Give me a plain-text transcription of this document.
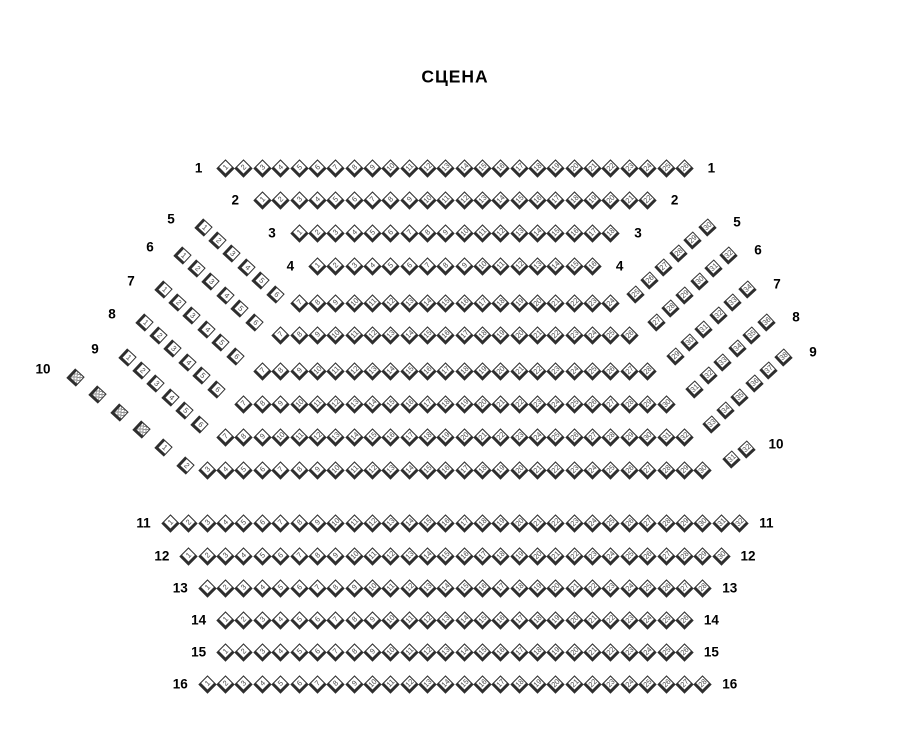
СЦЕНА
1 2 3 4 5 6 7 8 9 10 11 12 13 14 15 16 17 18 19 20 21 22 23 24 25 26
1	1
1 2 3 4 5 6 7 8 9 10 11 12 13 14 15 16 17 18 19 20 21 22
2	2
1 2 3 4 5 6 7 8 9 10 11 12 13 14 15 16 17 18
3	3
1 2 3 4 5 6 7 8 9 10 11 12 13 14 15 16
4	4
1
2
3
4
5
6
7 8 9 10 11 12 13 14 15 16 17 18 19 20 21 22 23 24
25
26
27
28
29
30
5	5
1
2
3
4
5
6
7 8 9 10 11 12 13 14 15 16 17 18 19 20 21 22 23 24 25 26
27
28
29
30
31
32
6	6
1
2
3
4
5
6
7 8 9 10 11 12 13 14 15 16 17 18 19 20 21 22 23 24 25 26 27 28
29
30
31
32
33
34
7	7
1
2
3
4
5
6
7 8 9 10 11 12 13 14 15 16 17 18 19 20 21 22 23 24 25 26 27 28 29 30
31
32
33
34
35
36
8	8
1
2
3
4
5
6
7 8 9 10 11 12 13 14 15 16 17 18 19 20 21 22 23 24 25 26 27 28 29 30 31 32
33
34
35
36
37
38
9	9
1
2 3 4 5 6 7 8 9 10 11 12 13 14 15 16 17 18 19 20 21 22 23 24 25 26 27 28 29 30
31
32
10
10
1 2 3 4 5 6 7 8 9 10 11 12 13 14 15 16 17 18 19 20 21 22 23 24 25 26 27 28 29 30 31 32
11	11
1 2 3 4 5 6 7 8 9 10 11 12 13 14 15 16 17 18 19 20 21 22 23 24 25 26 27 28 29 30
12	12
1 2 3 4 5 6 7 8 9 10 11 12 13 14 15 16 17 18 19 20 21 22 23 24 25 26 27 28
13	13
1 2 3 4 5 6 7 8 9 10 11 12 13 14 15 16 17 18 19 20 21 22 23 24 25 26
14	14
1 2 3 4 5 6 7 8 9 10 11 12 13 14 15 16 17 18 19 20 21 22 23 24 25 26
15	15
1 2 3 4 5 6 7 8 9 10 11 12 13 14 15 16 17 18 19 20 21 22 23 24 25 26 27 28
16	16
